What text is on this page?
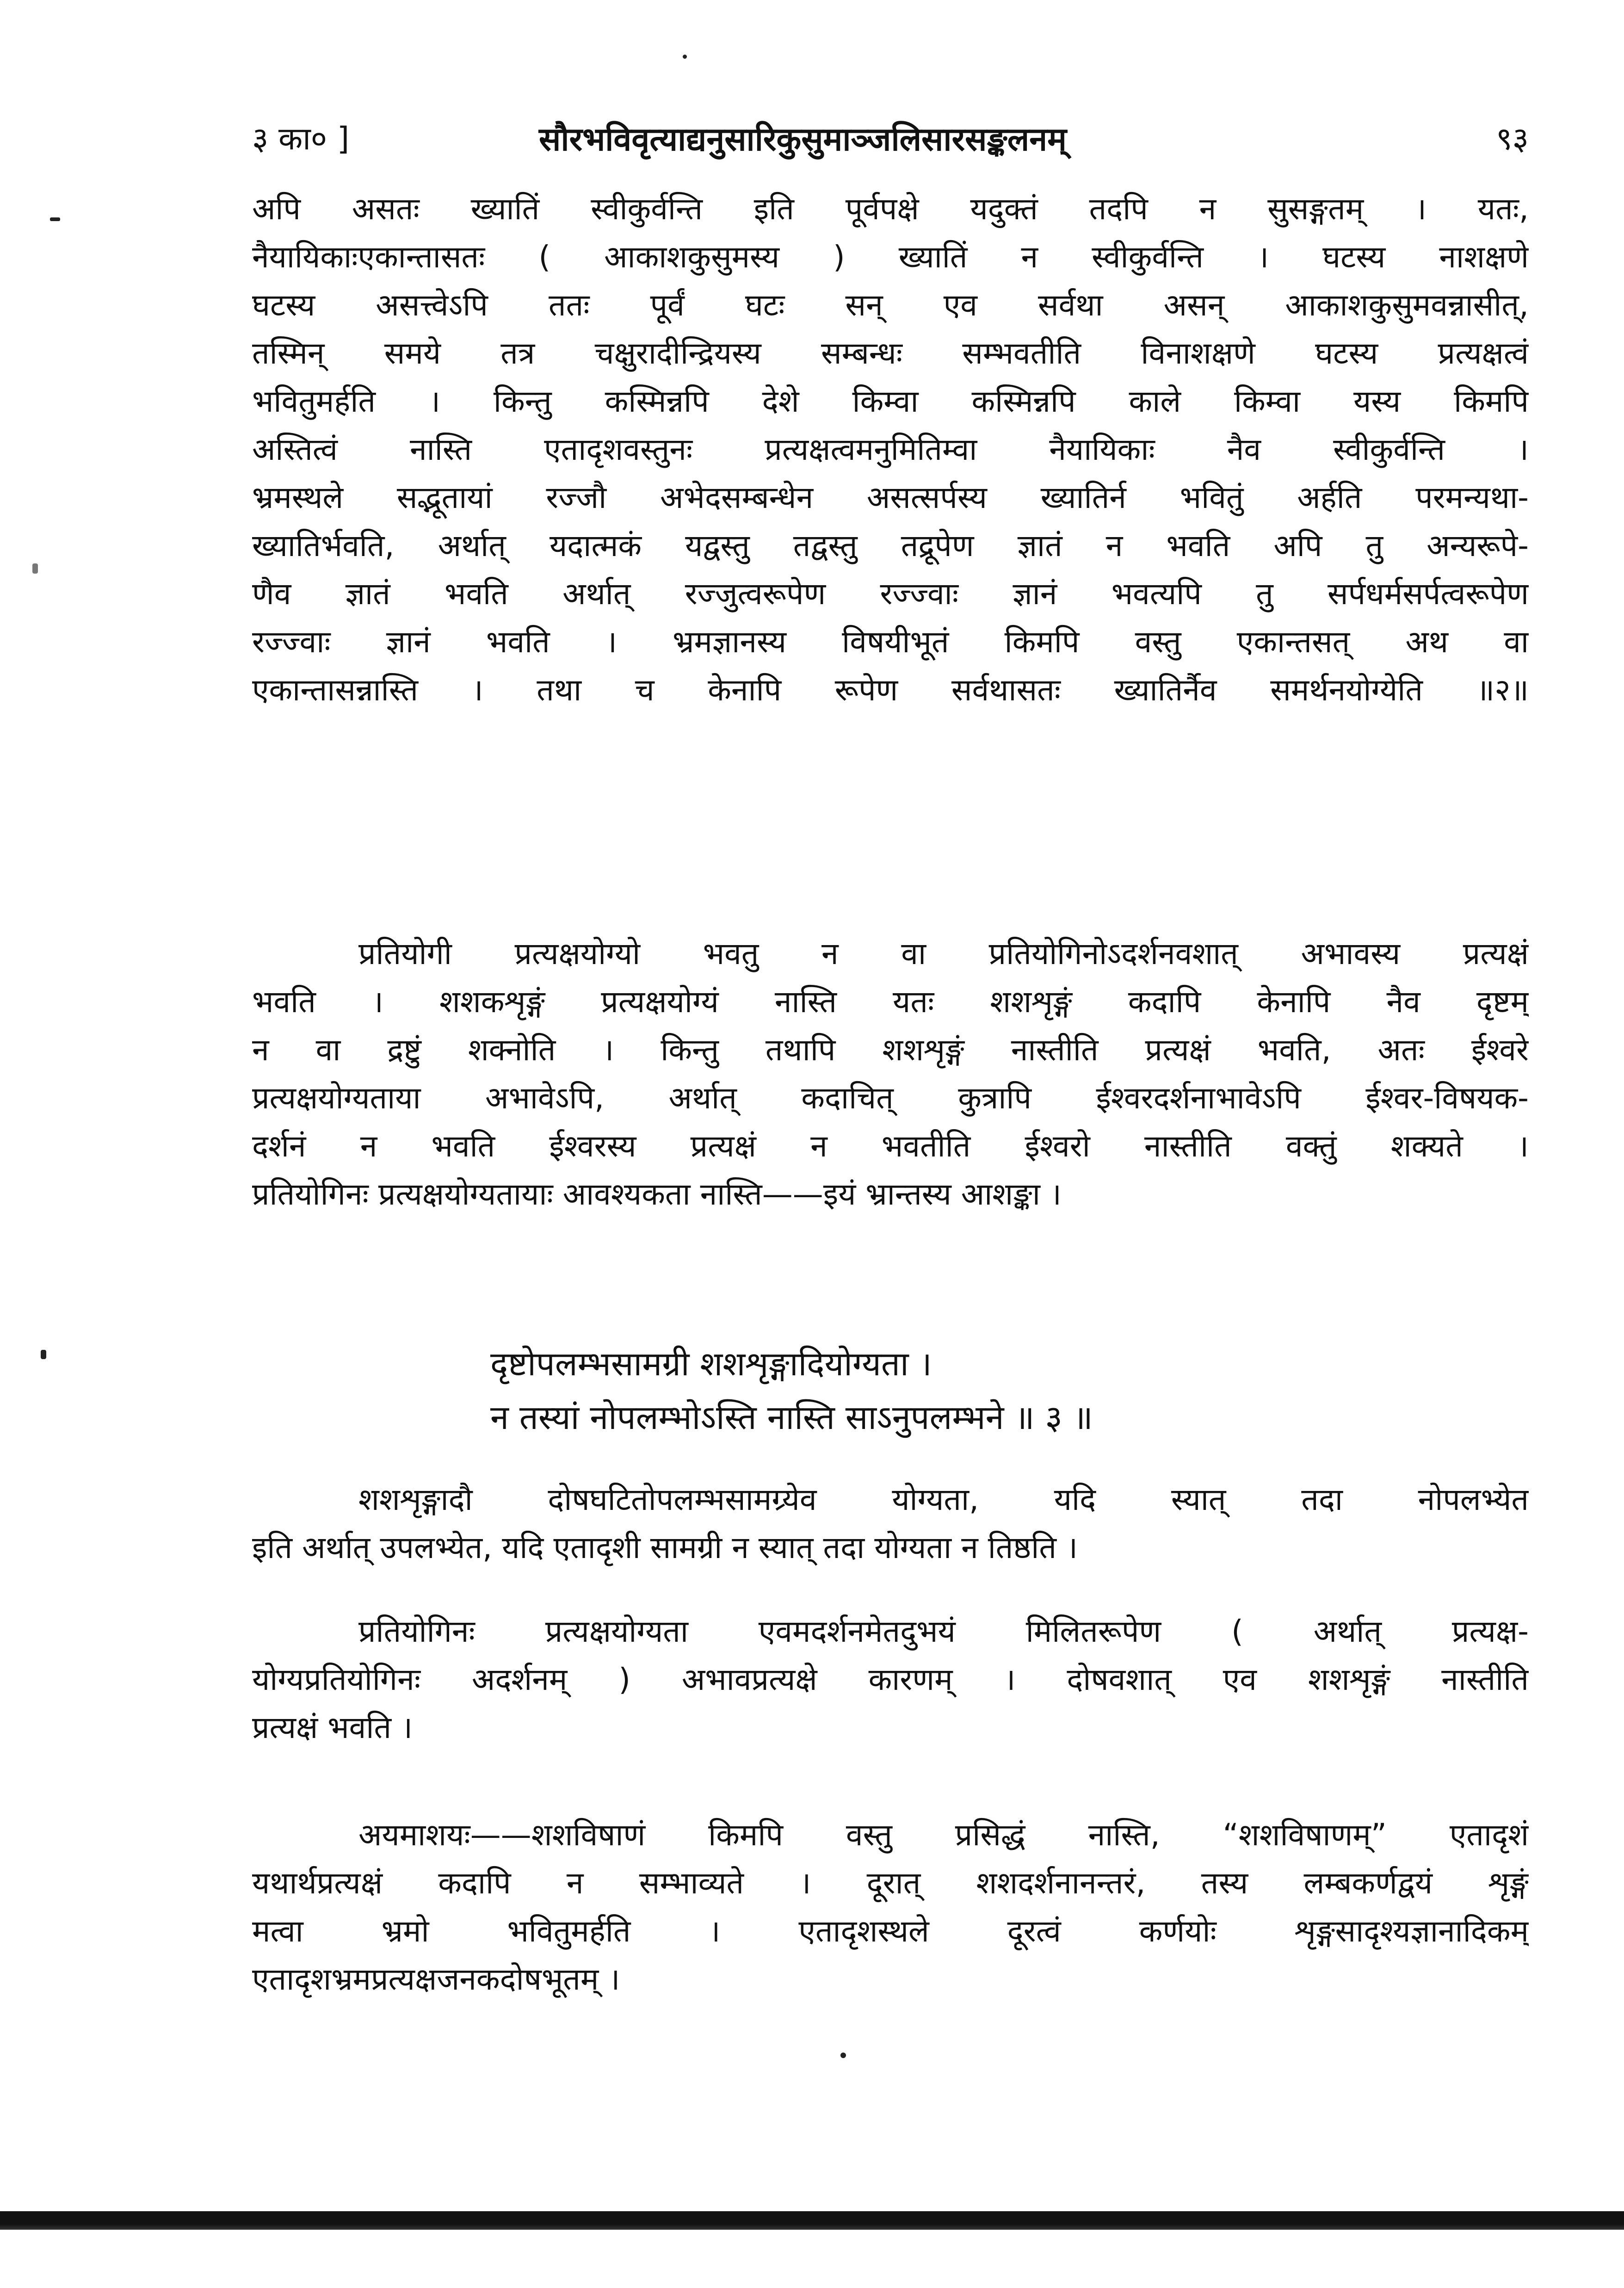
३ का० ]	सौरभविवृत्याद्यनुसारिकुसुमाञ्जलिसारसङ्कलनम्	९३
अपि असतः ख्यातिं स्वीकुर्वन्ति इति पूर्वपक्षे यदुक्तं तदपि न सुसङ्गतम् । यतः,
नैयायिकाःएकान्तासतः ( आकाशकुसुमस्य ) ख्यातिं न स्वीकुर्वन्ति । घटस्य नाशक्षणे
घटस्य असत्त्वेऽपि ततः पूर्वं घटः सन् एव सर्वथा असन् आकाशकुसुमवन्नासीत्,
तस्मिन् समये तत्र चक्षुरादीन्द्रियस्य सम्बन्धः सम्भवतीति विनाशक्षणे घटस्य प्रत्यक्षत्वं
भवितुमर्हति । किन्तु कस्मिन्नपि देशे किम्वा कस्मिन्नपि काले किम्वा यस्य किमपि
अस्तित्वं नास्ति एतादृशवस्तुनः प्रत्यक्षत्वमनुमितिम्वा नैयायिकाः नैव स्वीकुर्वन्ति ।
भ्रमस्थले सद्भूतायां रज्जौ अभेदसम्बन्धेन असत्सर्पस्य ख्यातिर्न भवितुं अर्हति परमन्यथा-
ख्यातिर्भवति, अर्थात् यदात्मकं यद्वस्तु तद्वस्तु तद्रूपेण ज्ञातं न भवति अपि तु अन्यरूपे-
णैव ज्ञातं भवति अर्थात् रज्जुत्वरूपेण रज्ज्वाः ज्ञानं भवत्यपि तु सर्पधर्मसर्पत्वरूपेण
रज्ज्वाः ज्ञानं भवति । भ्रमज्ञानस्य विषयीभूतं किमपि वस्तु एकान्तसत् अथ वा
एकान्तासन्नास्ति । तथा च केनापि रूपेण सर्वथासतः ख्यातिर्नैव समर्थनयोग्येति ॥२॥
प्रतियोगी प्रत्यक्षयोग्यो भवतु न वा प्रतियोगिनोऽदर्शनवशात् अभावस्य प्रत्यक्षं
भवति । शशकशृङ्गं प्रत्यक्षयोग्यं नास्ति यतः शशशृङ्गं कदापि केनापि नैव दृष्टम्
न वा द्रष्टुं शक्नोति । किन्तु तथापि शशशृङ्गं नास्तीति प्रत्यक्षं भवति, अतः ईश्वरे
प्रत्यक्षयोग्यताया अभावेऽपि, अर्थात् कदाचित् कुत्रापि ईश्वरदर्शनाभावेऽपि ईश्वर-विषयक-
दर्शनं न भवति ईश्वरस्य प्रत्यक्षं न भवतीति ईश्वरो नास्तीति वक्तुं शक्यते ।
प्रतियोगिनः प्रत्यक्षयोग्यतायाः आवश्यकता नास्ति——इयं भ्रान्तस्य आशङ्का ।
दृष्टोपलम्भसामग्री शशशृङ्गादियोग्यता ।
न तस्यां नोपलम्भोऽस्ति नास्ति साऽनुपलम्भने ॥ ३ ॥
शशशृङ्गादौ दोषघटितोपलम्भसामग्र्येव योग्यता, यदि स्यात् तदा नोपलभ्येत
इति अर्थात् उपलभ्येत, यदि एतादृशी सामग्री न स्यात् तदा योग्यता न तिष्ठति ।
प्रतियोगिनः प्रत्यक्षयोग्यता एवमदर्शनमेतदुभयं मिलितरूपेण ( अर्थात् प्रत्यक्ष-
योग्यप्रतियोगिनः अदर्शनम् ) अभावप्रत्यक्षे कारणम् । दोषवशात् एव शशशृङ्गं नास्तीति
प्रत्यक्षं भवति ।
अयमाशयः——शशविषाणं किमपि वस्तु प्रसिद्धं नास्ति, “शशविषाणम्” एतादृशं
यथार्थप्रत्यक्षं कदापि न सम्भाव्यते । दूरात् शशदर्शनानन्तरं, तस्य लम्बकर्णद्वयं शृङ्गं
मत्वा भ्रमो भवितुमर्हति । एतादृशस्थले दूरत्वं कर्णयोः शृङ्गसादृश्यज्ञानादिकम्
एतादृशभ्रमप्रत्यक्षजनकदोषभूतम् ।
